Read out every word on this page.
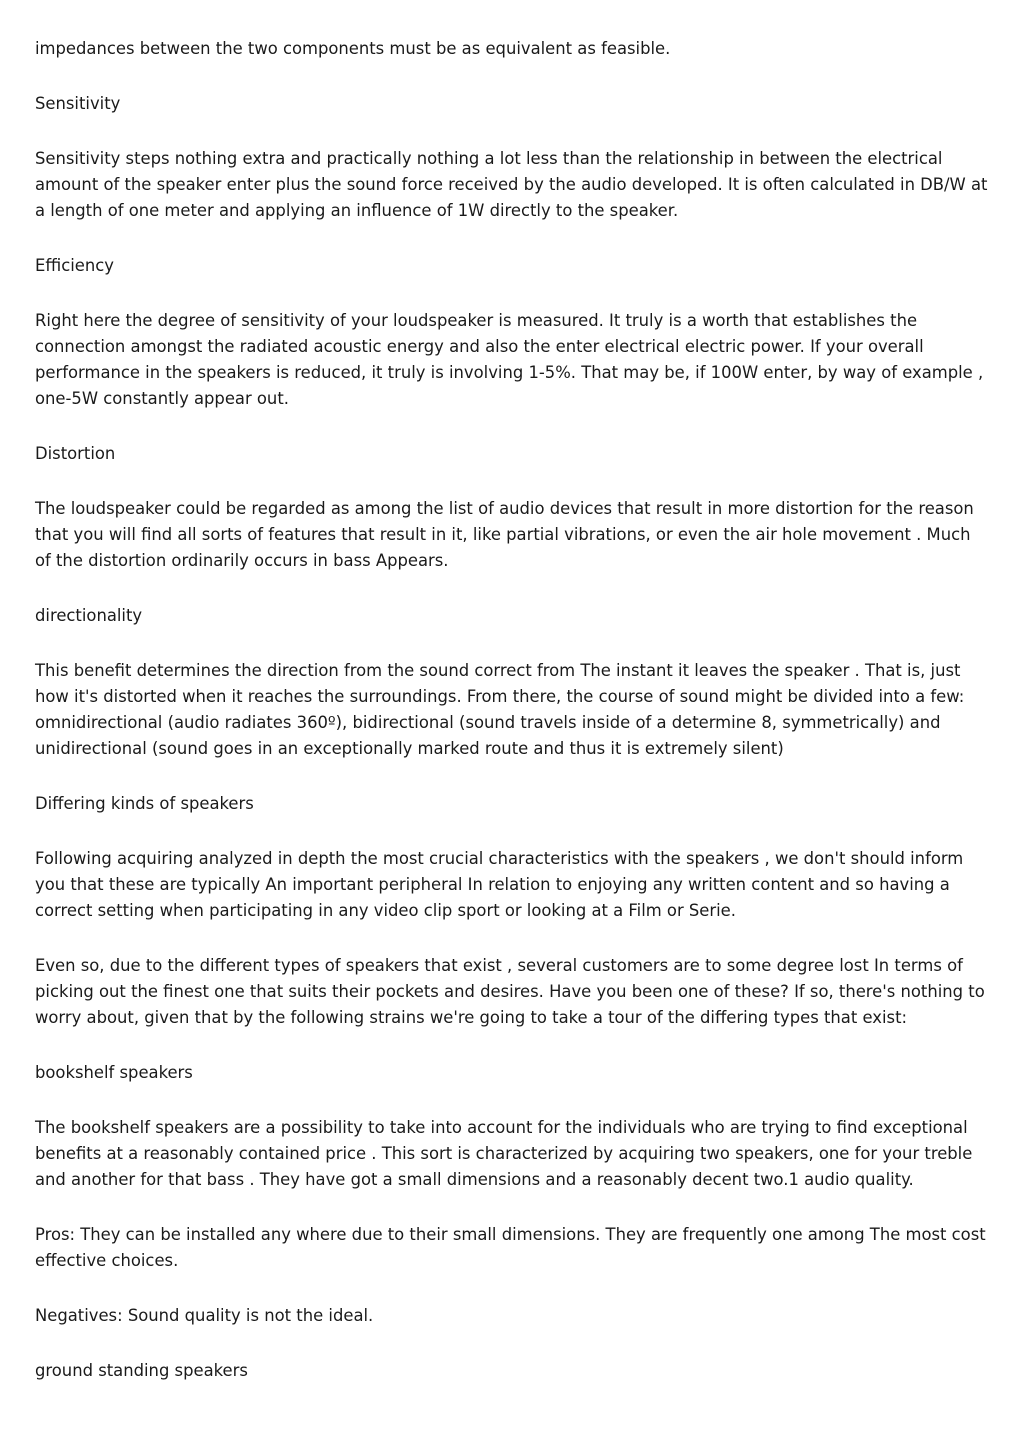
impedances between the two components must be as equivalent as feasible.

Sensitivity

Sensitivity steps nothing extra and practically nothing a lot less than the relationship in between the electrical amount of the speaker enter plus the sound force received by the audio developed. It is often calculated in DB/W at a length of one meter and applying an influence of 1W directly to the speaker.

Efficiency

Right here the degree of sensitivity of your loudspeaker is measured. It truly is a worth that establishes the connection amongst the radiated acoustic energy and also the enter electrical electric power. If your overall performance in the speakers is reduced, it truly is involving 1-5%. That may be, if 100W enter, by way of example , one-5W constantly appear out.

Distortion

The loudspeaker could be regarded as among the list of audio devices that result in more distortion for the reason that you will find all sorts of features that result in it, like partial vibrations, or even the air hole movement . Much of the distortion ordinarily occurs in bass Appears.

directionality

This benefit determines the direction from the sound correct from The instant it leaves the speaker . That is, just how it's distorted when it reaches the surroundings. From there, the course of sound might be divided into a few: omnidirectional (audio radiates 360º), bidirectional (sound travels inside of a determine 8, symmetrically) and unidirectional (sound goes in an exceptionally marked route and thus it is extremely silent)

Differing kinds of speakers

Following acquiring analyzed in depth the most crucial characteristics with the speakers , we don't should inform you that these are typically An important peripheral In relation to enjoying any written content and so having a correct setting when participating in any video clip sport or looking at a Film or Serie.

Even so, due to the different types of speakers that exist , several customers are to some degree lost In terms of picking out the finest one that suits their pockets and desires. Have you been one of these? If so, there's nothing to worry about, given that by the following strains we're going to take a tour of the differing types that exist:

bookshelf speakers

The bookshelf speakers are a possibility to take into account for the individuals who are trying to find exceptional benefits at a reasonably contained price . This sort is characterized by acquiring two speakers, one for your treble and another for that bass . They have got a small dimensions and a reasonably decent two.1 audio quality.

Pros: They can be installed any where due to their small dimensions. They are frequently one among The most cost effective choices.

Negatives: Sound quality is not the ideal.

ground standing speakers
